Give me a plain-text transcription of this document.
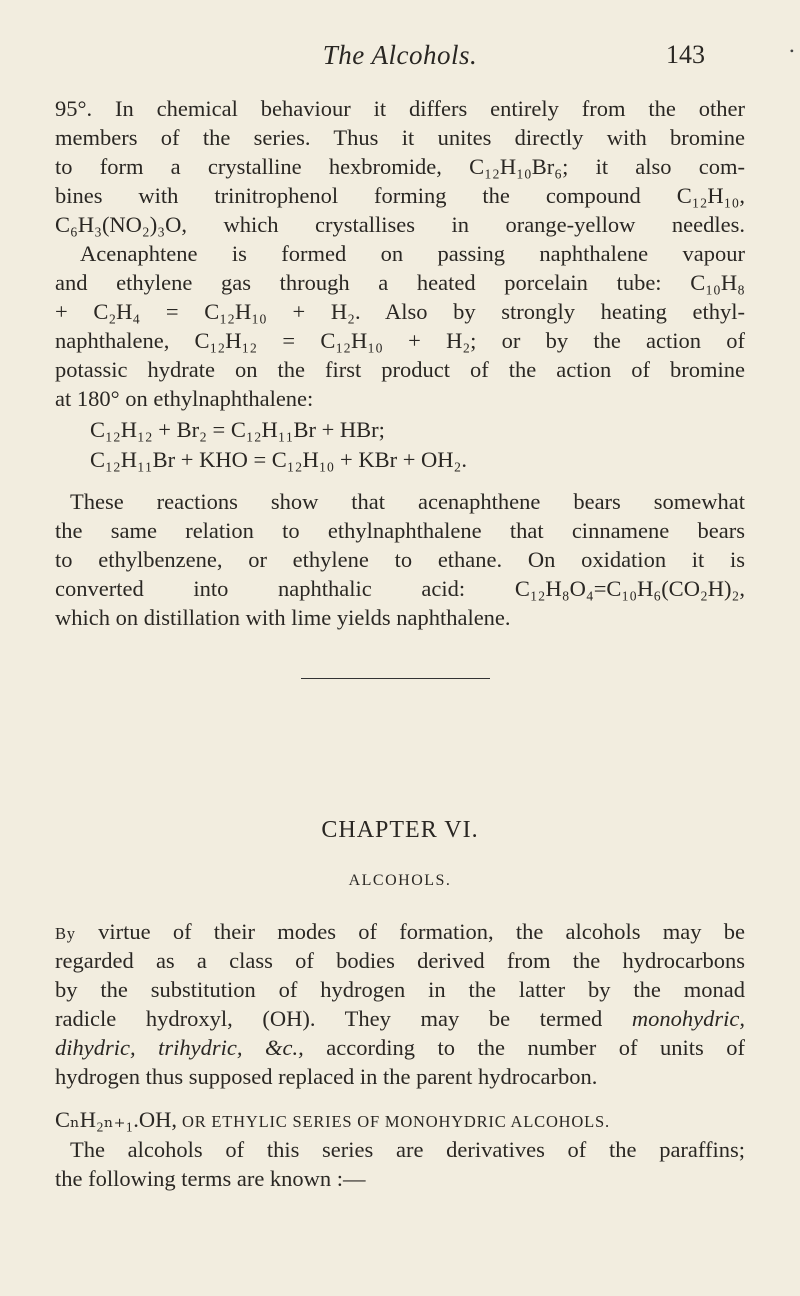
The Alcohols.	143	•
95°. In chemical behaviour it differs entirely from the other
members of the series. Thus it unites directly with bromine
to form a crystalline hexbromide, C₁₂H₁₀Br₆; it also com-
bines with trinitrophenol forming the compound C₁₂H₁₀,
C₆H₃(NO₂)₃O, which crystallises in orange-yellow needles.
Acenaphtene is formed on passing naphthalene vapour
and ethylene gas through a heated porcelain tube: C₁₀H₈
+ C₂H₄ = C₁₂H₁₀ + H₂. Also by strongly heating ethyl-
naphthalene, C₁₂H₁₂ = C₁₂H₁₀ + H₂; or by the action of
potassic hydrate on the first product of the action of bromine
at 180° on ethylnaphthalene:
C₁₂H₁₂ + Br₂ = C₁₂H₁₁Br + HBr;
C₁₂H₁₁Br + KHO = C₁₂H₁₀ + KBr + OH₂.
These reactions show that acenaphthene bears somewhat
the same relation to ethylnaphthalene that cinnamene bears
to ethylbenzene, or ethylene to ethane. On oxidation it is
converted into naphthalic acid: C₁₂H₈O₄=C₁₀H₆(CO₂H)₂,
which on distillation with lime yields naphthalene.
CHAPTER VI.
ALCOHOLS.
By virtue of their modes of formation, the alcohols may be
regarded as a class of bodies derived from the hydrocarbons
by the substitution of hydrogen in the latter by the monad
radicle hydroxyl, (OH). They may be termed monohydric,
dihydric, trihydric, &c., according to the number of units of
hydrogen thus supposed replaced in the parent hydrocarbon.
CₙH₂ₙ₊₁.OH, OR ETHYLIC SERIES OF MONOHYDRIC ALCOHOLS.
The alcohols of this series are derivatives of the paraffins;
the following terms are known :—
